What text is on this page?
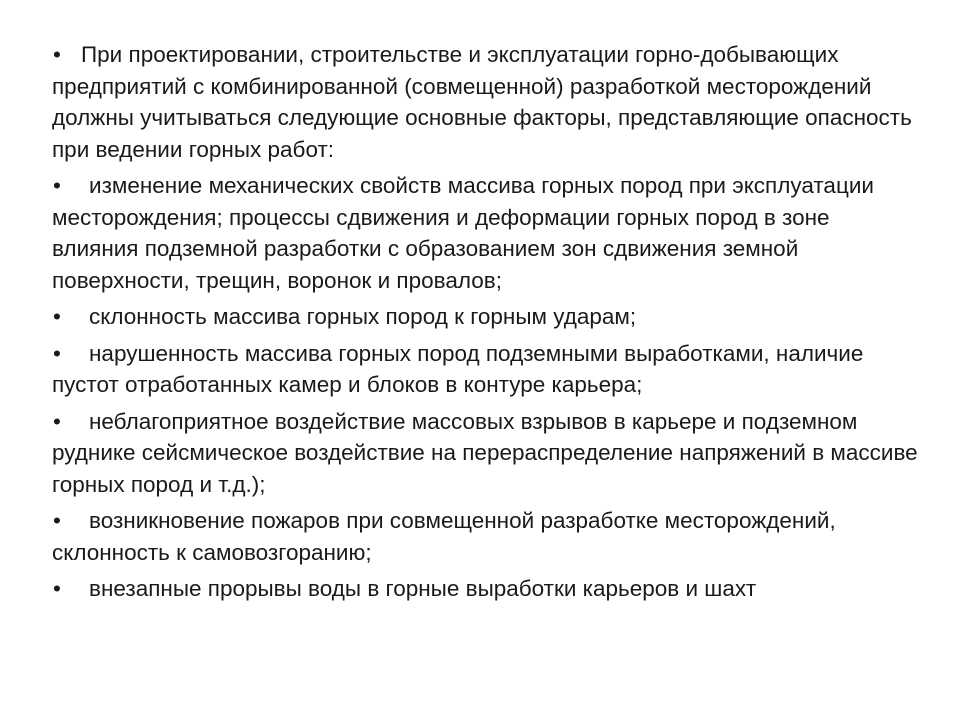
• При проектировании, строительстве и эксплуатации горно-добывающих предприятий с комбинированной (совмещенной) разработкой месторождений должны учитываться следующие основные факторы, представляющие опасность при ведении горных работ:

• изменение механических свойств массива горных пород при эксплуатации месторождения; процессы сдвижения и деформации горных пород в зоне влияния подземной разработки с образованием зон сдвижения земной поверхности, трещин, воронок и провалов;

• склонность массива горных пород к горным ударам;

• нарушенность массива горных пород подземными выработками, наличие пустот отработанных камер и блоков в контуре карьера;

• неблагоприятное воздействие массовых взрывов в карьере и подземном руднике сейсмическое воздействие на перераспределение напряжений в массиве горных пород и т.д.);

• возникновение пожаров при совмещенной разработке месторождений, склонность к самовозгоранию;

• внезапные прорывы воды в горные выработки карьеров и шахт
